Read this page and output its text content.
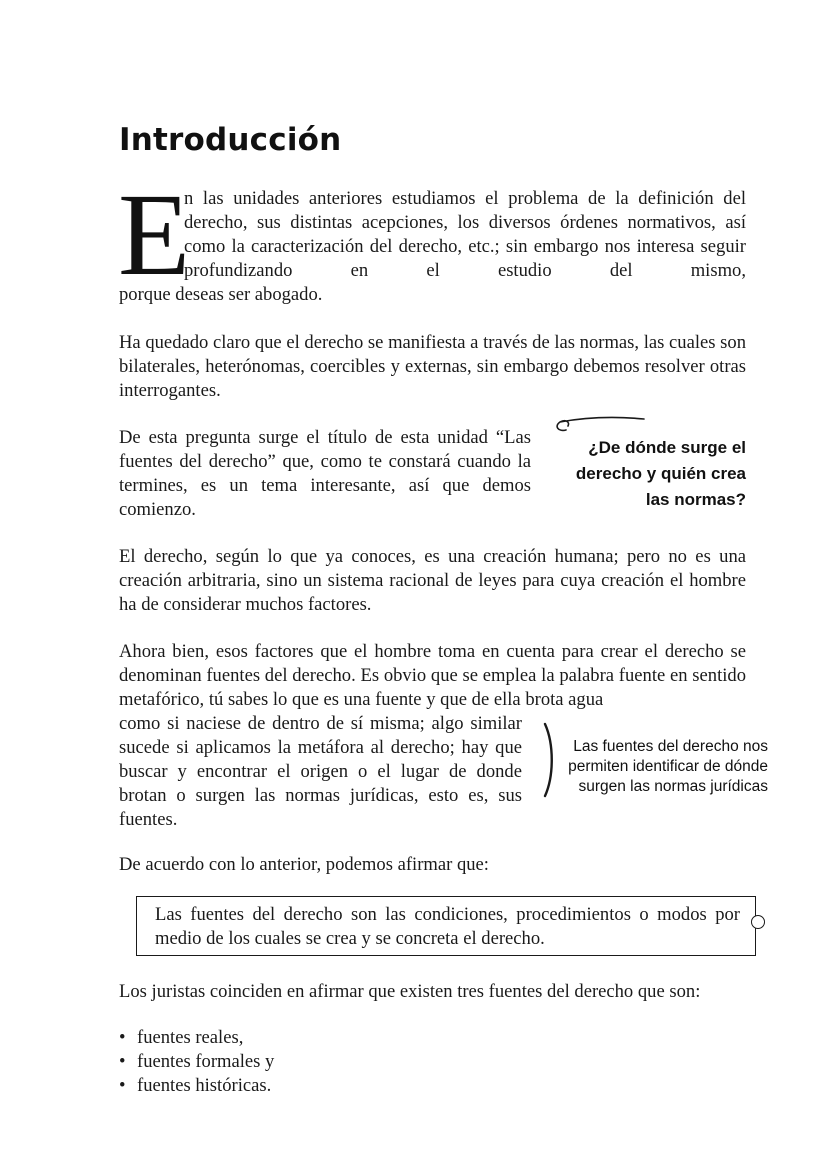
Introducción
E

n las unidades anteriores estudiamos el problema de la definición del derecho, sus distintas acepciones, los diversos órdenes normativos, así como la caracterización del derecho, etc.; sin embargo nos interesa seguir profundizando en el estudio del mismo,

porque deseas ser abogado.

Ha quedado claro que el derecho se manifiesta a través de las normas, las cuales son bilaterales, heterónomas, coercibles y externas, sin embargo debemos resolver otras interrogantes.

De esta pregunta surge el título de esta unidad “Las fuentes del derecho” que, como te constará cuando la termines, es un tema interesante, así que demos comienzo.

¿De dónde surge el derecho y quién crea las normas?

El derecho, según lo que ya conoces, es una creación humana; pero no es una creación arbitraria, sino un sistema racional de leyes para cuya creación el hombre ha de considerar muchos factores.

Ahora bien, esos factores que el hombre toma en cuenta para crear el derecho se denominan fuentes del derecho. Es obvio que se emplea la palabra fuente en sentido metafórico, tú sabes lo que es una fuente y que de ella brota agua

como si naciese de dentro de sí misma; algo similar sucede si aplicamos la metáfora al derecho; hay que buscar y encontrar el origen o el lugar de donde brotan o surgen las normas jurídicas, esto es, sus fuentes.

Las fuentes del derecho nos permiten identificar de dónde surgen las normas jurídicas

De acuerdo con lo anterior, podemos afirmar que:

Las fuentes del derecho son las condiciones, procedimientos o modos por medio de los cuales se crea y se concreta el derecho.

Los juristas coinciden en afirmar que existen tres fuentes del derecho que son:

• fuentes reales,
• fuentes formales y
• fuentes históricas.
